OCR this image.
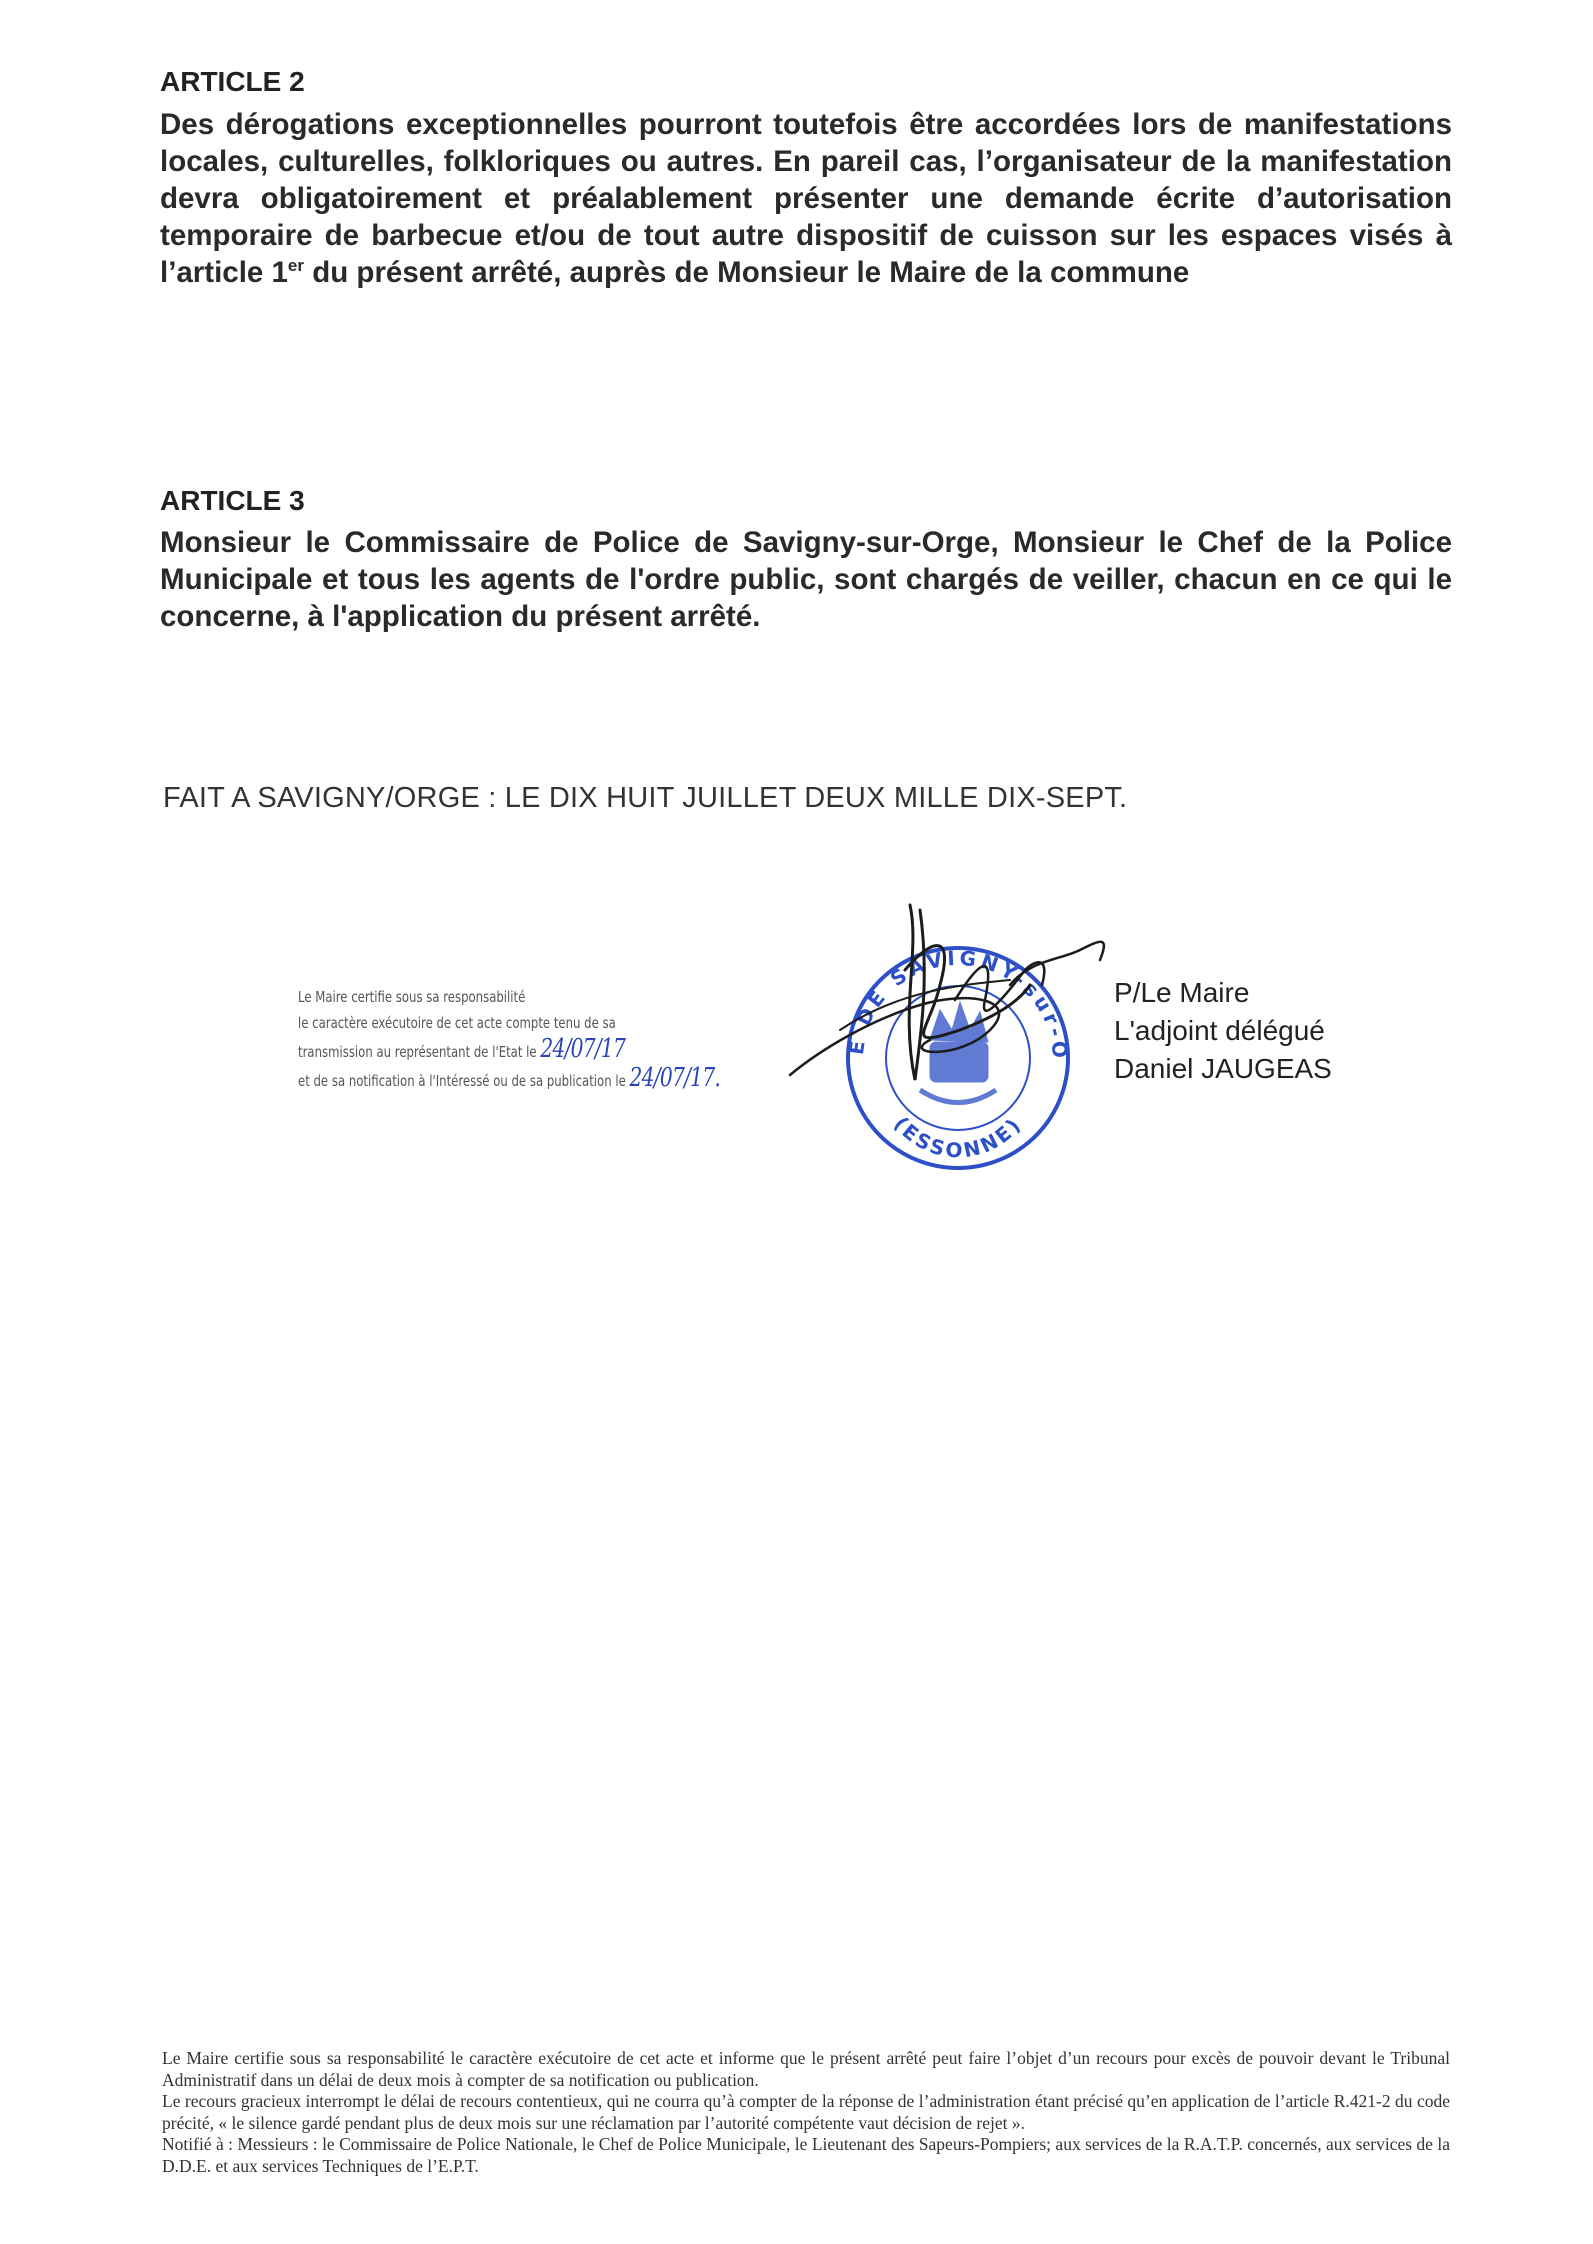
ARTICLE 2
Des dérogations exceptionnelles pourront toutefois être accordées lors de manifestations locales, culturelles, folkloriques ou autres. En pareil cas, l’organisateur de la manifestation devra obligatoirement et préalablement présenter une demande écrite d’autorisation temporaire de barbecue et/ou de tout autre dispositif de cuisson sur les espaces visés à l’article 1er du présent arrêté, auprès de Monsieur le Maire de la commune
ARTICLE 3
Monsieur le Commissaire de Police de Savigny-sur-Orge, Monsieur le Chef de la Police Municipale et tous les agents de l'ordre public, sont chargés de veiller, chacun en ce qui le concerne, à l'application du présent arrêté.
FAIT A SAVIGNY/ORGE : LE DIX HUIT JUILLET DEUX MILLE DIX-SEPT.
Le Maire certifie sous sa responsabilité
le caractère exécutoire de cet acte compte tenu de sa
transmission au représentant de l'Etat le 24/07/17
et de sa notification à l'Intéressé ou de sa publication le 24/07/17.
E DE SAVIGNY-sur-O
(ESSONNE)
P/Le Maire
L'adjoint délégué
Daniel JAUGEAS

Le Maire certifie sous sa responsabilité le caractère exécutoire de cet acte et informe que le présent arrêté peut faire l’objet d’un recours pour excès de pouvoir devant le Tribunal Administratif dans un délai de deux mois à compter de sa notification ou publication.

Le recours gracieux interrompt le délai de recours contentieux, qui ne courra qu’à compter de la réponse de l’administration étant précisé qu’en application de l’article R.421-2 du code précité, « le silence gardé pendant plus de deux mois sur une réclamation par l’autorité compétente vaut décision de rejet ».

Notifié à : Messieurs : le Commissaire de Police Nationale, le Chef de Police Municipale, le Lieutenant des Sapeurs-Pompiers; aux services de la R.A.T.P. concernés, aux services de la D.D.E. et aux services Techniques de l’E.P.T.
